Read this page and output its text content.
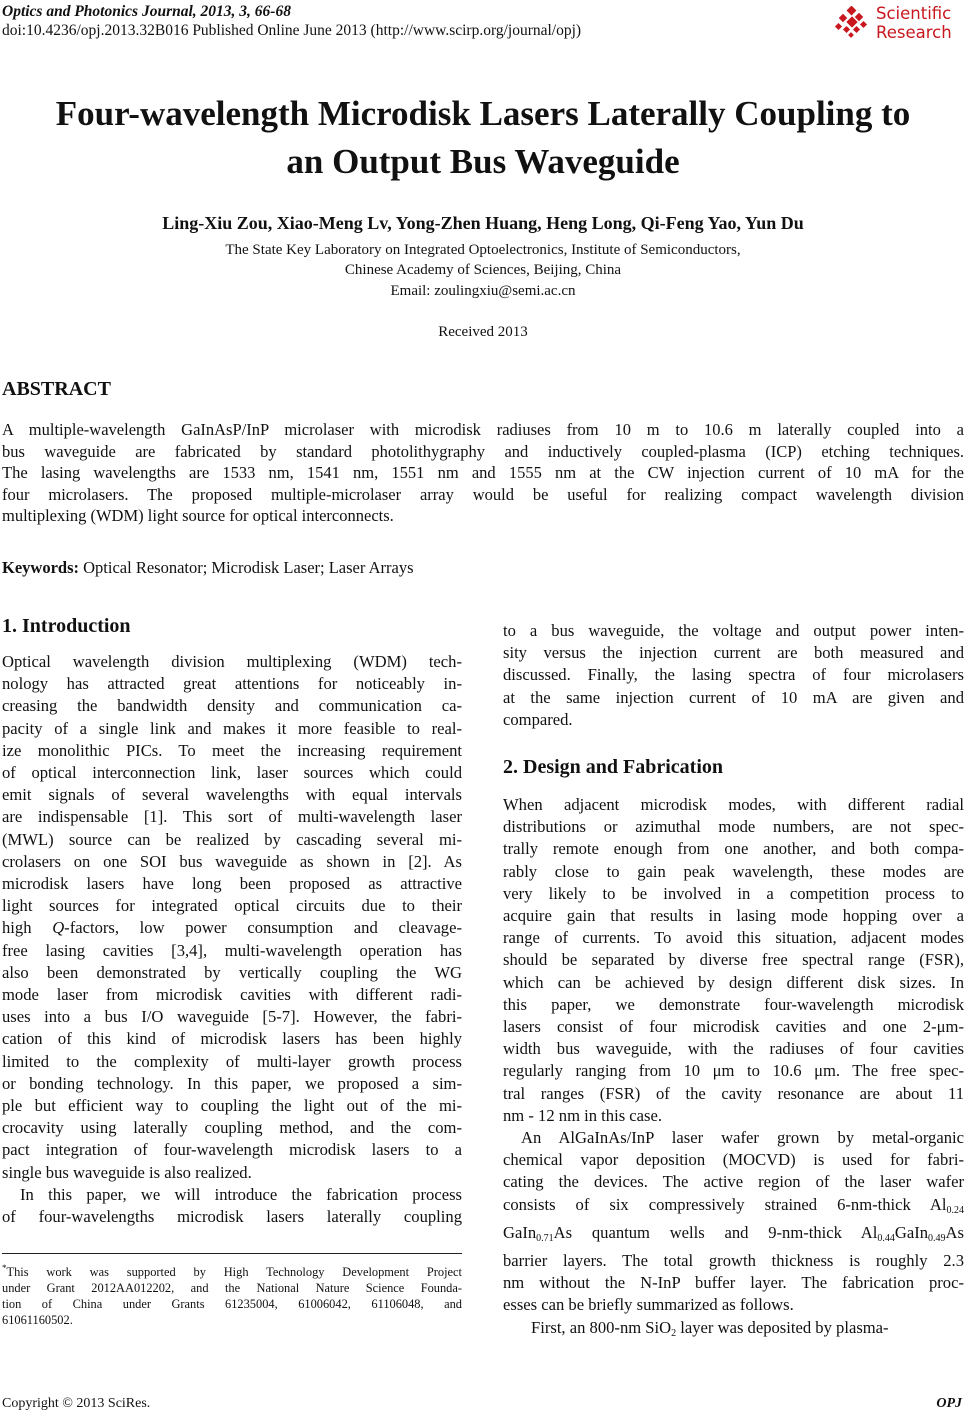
Optics and Photonics Journal, 2013, 3, 66-68
doi:10.4236/opj.2013.32B016 Published Online June 2013 (http://www.scirp.org/journal/opj)
Scientific
Research
Four-wavelength Microdisk Lasers Laterally Coupling to
an Output Bus Waveguide
Ling-Xiu Zou, Xiao-Meng Lv, Yong-Zhen Huang, Heng Long, Qi-Feng Yao, Yun Du
The State Key Laboratory on Integrated Optoelectronics, Institute of Semiconductors,
Chinese Academy of Sciences, Beijing, China
Email: zoulingxiu@semi.ac.cn
Received 2013
ABSTRACT

A multiple-wavelength GaInAsP/InP microlaser with microdisk radiuses from 10 m to 10.6 m laterally coupled into a

bus waveguide are fabricated by standard photolithygraphy and inductively coupled-plasma (ICP) etching techniques.

The lasing wavelengths are 1533 nm, 1541 nm, 1551 nm and 1555 nm at the CW injection current of 10 mA for the

four microlasers. The proposed multiple-microlaser array would be useful for realizing compact wavelength division

multiplexing (WDM) light source for optical interconnects.

Keywords: Optical Resonator; Microdisk Laser; Laser Arrays
1. Introduction

Optical wavelength division multiplexing (WDM) tech-

nology has attracted great attentions for noticeably in-

creasing the bandwidth density and communication ca-

pacity of a single link and makes it more feasible to real-

ize monolithic PICs. To meet the increasing requirement

of optical interconnection link, laser sources which could

emit signals of several wavelengths with equal intervals

are indispensable [1]. This sort of multi-wavelength laser

(MWL) source can be realized by cascading several mi-

crolasers on one SOI bus waveguide as shown in [2]. As

microdisk lasers have long been proposed as attractive

light sources for integrated optical circuits due to their

high Q-factors, low power consumption and cleavage-

free lasing cavities [3,4], multi-wavelength operation has

also been demonstrated by vertically coupling the WG

mode laser from microdisk cavities with different radi-

uses into a bus I/O waveguide [5-7]. However, the fabri-

cation of this kind of microdisk lasers has been highly

limited to the complexity of multi-layer growth process

or bonding technology. In this paper, we proposed a sim-

ple but efficient way to coupling the light out of the mi-

crocavity using laterally coupling method, and the com-

pact integration of four-wavelength microdisk lasers to a

single bus waveguide is also realized.

In this paper, we will introduce the fabrication process

of four-wavelengths microdisk lasers laterally coupling

*This work was supported by High Technology Development Project
under Grant 2012AA012202, and the National Nature Science Founda-
tion of China under Grants 61235004, 61006042, 61106048, and
61061160502.

to a bus waveguide, the voltage and output power inten-

sity versus the injection current are both measured and

discussed. Finally, the lasing spectra of four microlasers

at the same injection current of 10 mA are given and

compared.

2. Design and Fabrication

When adjacent microdisk modes, with different radial

distributions or azimuthal mode numbers, are not spec-

trally remote enough from one another, and both compa-

rably close to gain peak wavelength, these modes are

very likely to be involved in a competition process to

acquire gain that results in lasing mode hopping over a

range of currents. To avoid this situation, adjacent modes

should be separated by diverse free spectral range (FSR),

which can be achieved by design different disk sizes. In

this paper, we demonstrate four-wavelength microdisk

lasers consist of four microdisk cavities and one 2-μm-

width bus waveguide, with the radiuses of four cavities

regularly ranging from 10 μm to 10.6 μm. The free spec-

tral ranges (FSR) of the cavity resonance are about 11

nm - 12 nm in this case.

An AlGaInAs/InP laser wafer grown by metal-organic

chemical vapor deposition (MOCVD) is used for fabri-

cating the devices. The active region of the laser wafer

consists of six compressively strained 6-nm-thick $Al_{0.24}$

GaIn$_{0.71}$As quantum wells and 9-nm-thick $Al_{0.44}GaIn_{0.49}As$

barrier layers. The total growth thickness is roughly 2.3

nm without the N-InP buffer layer. The fabrication proc-

esses can be briefly summarized as follows.

First, an 800-nm SiO$_2$ layer was deposited by plasma-

Copyright © 2013 SciRes.	OPJ
